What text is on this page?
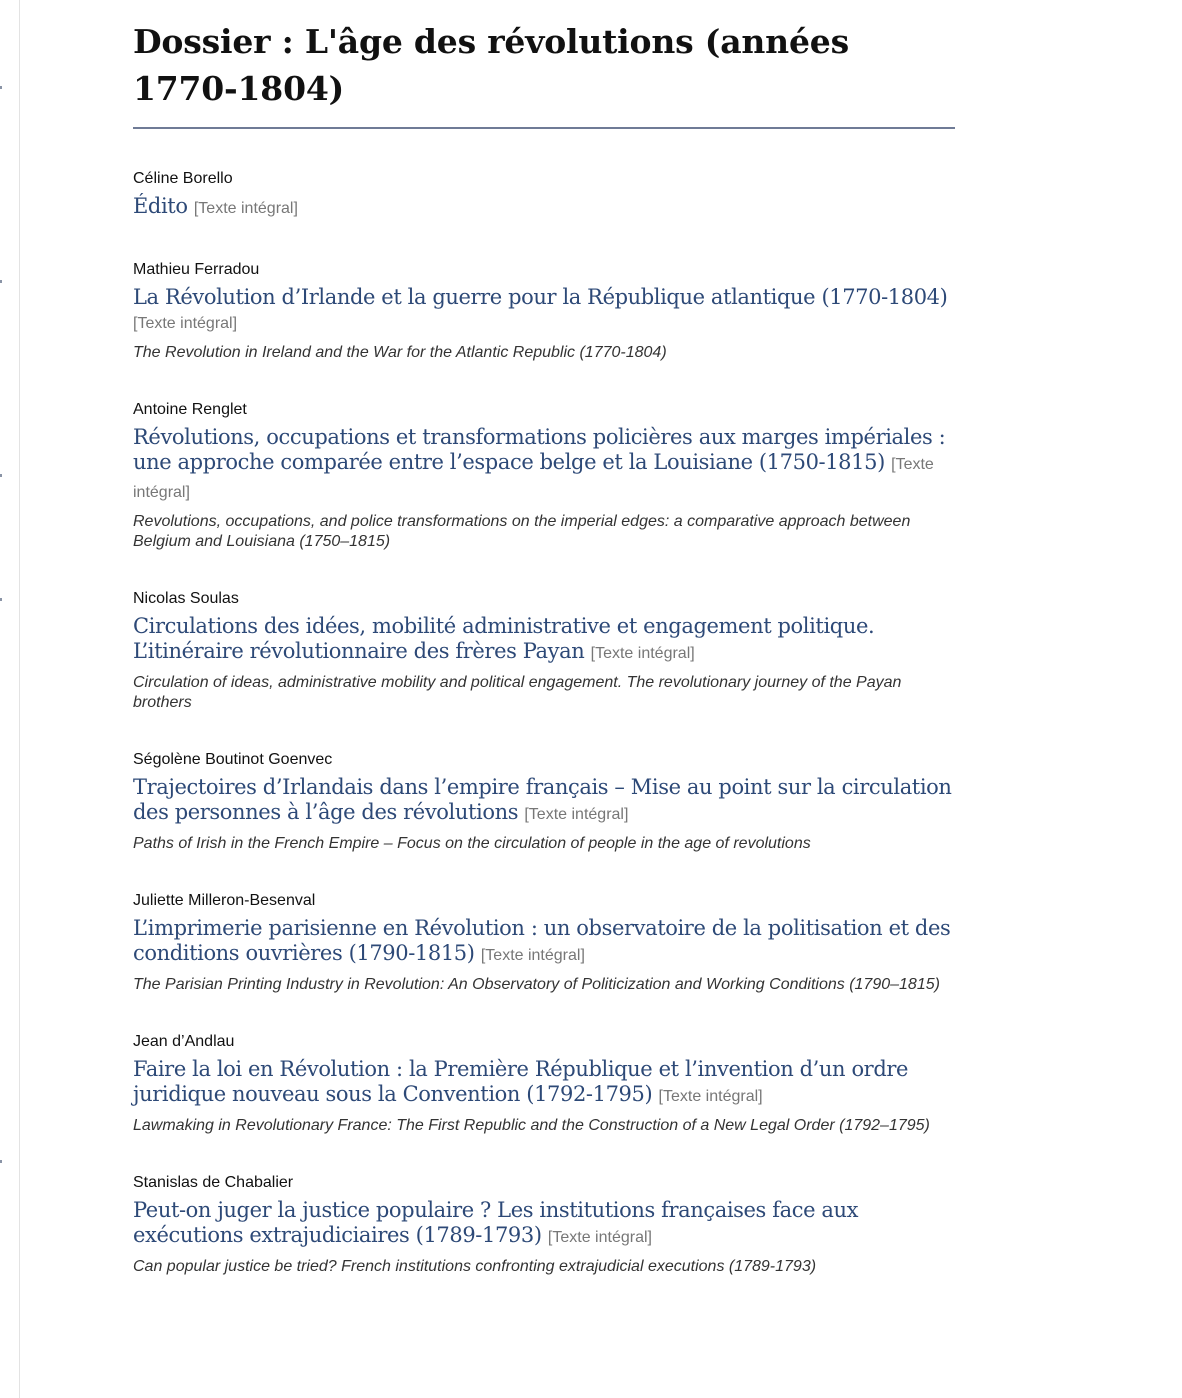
Dossier : L'âge des révolutions (années 1770-1804)
Céline Borello
Édito [Texte intégral]
Mathieu Ferradou
La Révolution d’Irlande et la guerre pour la République atlantique (1770-1804) [Texte intégral]
The Revolution in Ireland and the War for the Atlantic Republic (1770-1804)
Antoine Renglet
Révolutions, occupations et transformations policières aux marges impériales : une approche comparée entre l’espace belge et la Louisiane (1750-1815) [Texte intégral]
Revolutions, occupations, and police transformations on the imperial edges: a comparative approach between Belgium and Louisiana (1750–1815)
Nicolas Soulas
Circulations des idées, mobilité administrative et engagement politique. L’itinéraire révolutionnaire des frères Payan [Texte intégral]
Circulation of ideas, administrative mobility and political engagement. The revolutionary journey of the Payan brothers
Ségolène Boutinot Goenvec
Trajectoires d’Irlandais dans l’empire français – Mise au point sur la circulation des personnes à l’âge des révolutions [Texte intégral]
Paths of Irish in the French Empire – Focus on the circulation of people in the age of revolutions
Juliette Milleron-Besenval
L’imprimerie parisienne en Révolution : un observatoire de la politisation et des conditions ouvrières (1790-1815) [Texte intégral]
The Parisian Printing Industry in Revolution: An Observatory of Politicization and Working Conditions (1790–1815)
Jean d’Andlau
Faire la loi en Révolution : la Première République et l’invention d’un ordre juridique nouveau sous la Convention (1792-1795) [Texte intégral]
Lawmaking in Revolutionary France: The First Republic and the Construction of a New Legal Order (1792–1795)
Stanislas de Chabalier
Peut-on juger la justice populaire ? Les institutions françaises face aux exécutions extrajudiciaires (1789-1793) [Texte intégral]
Can popular justice be tried? French institutions confronting extrajudicial executions (1789-1793)
